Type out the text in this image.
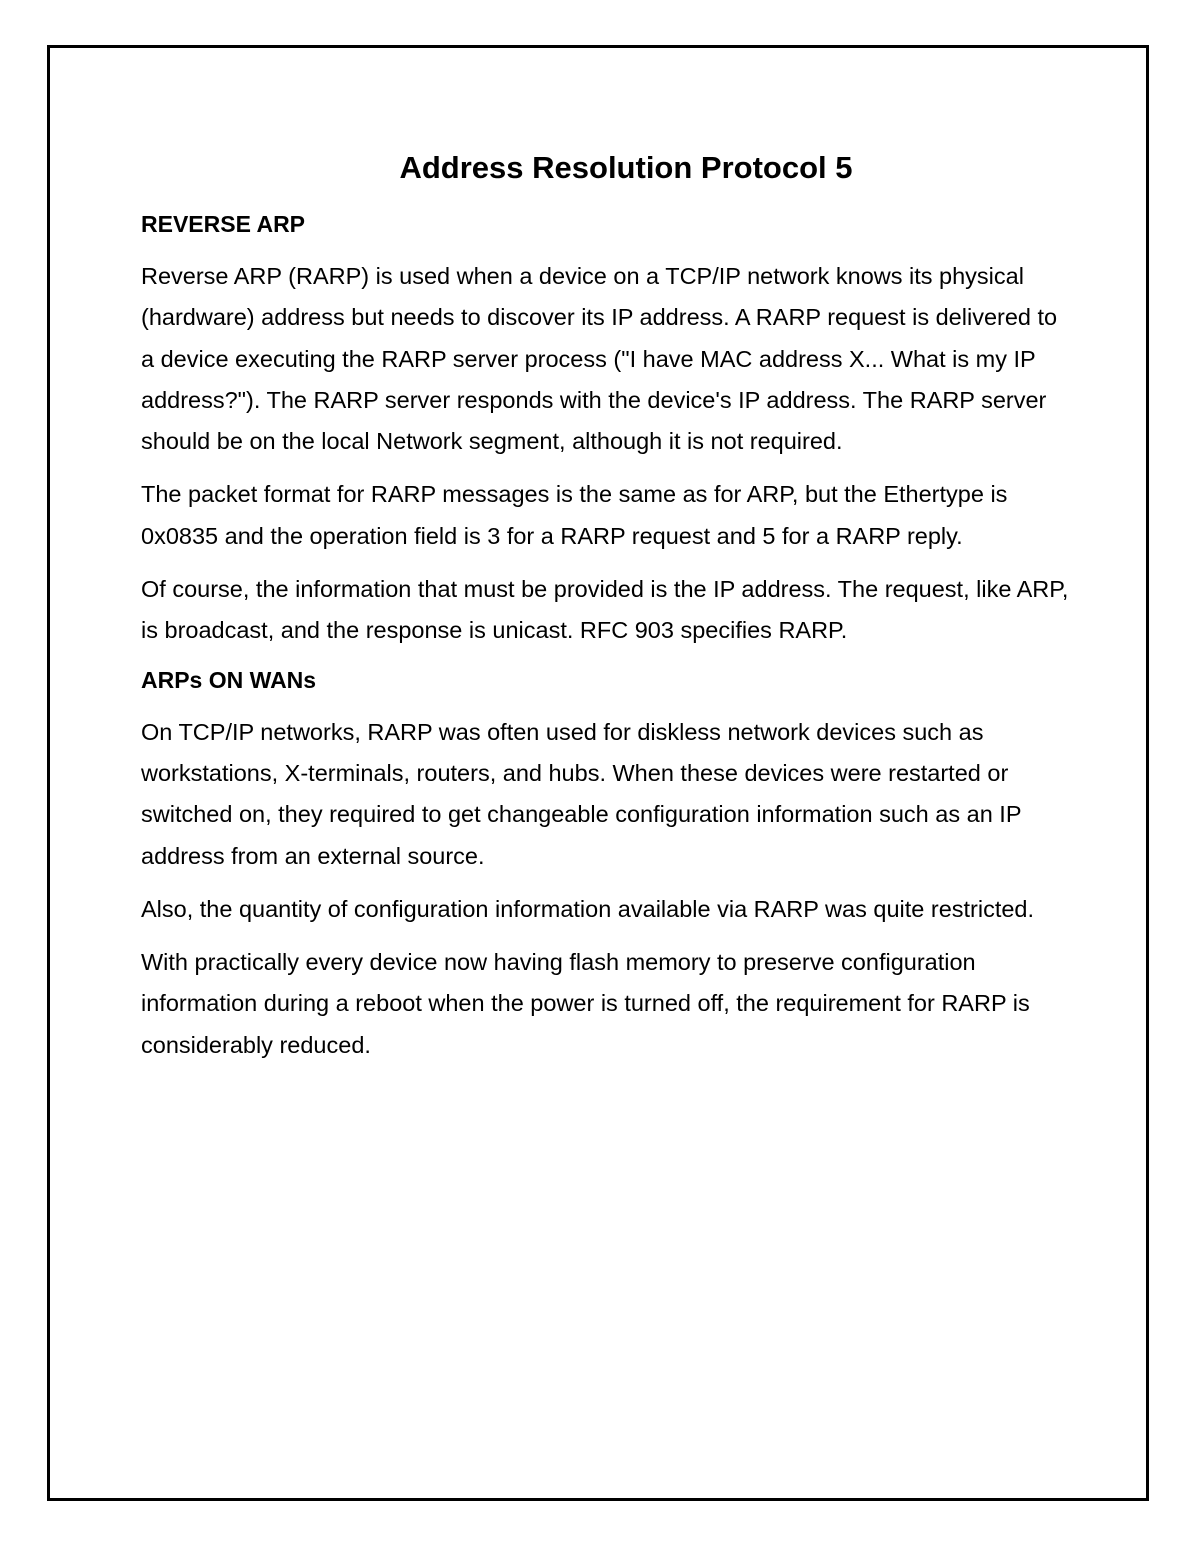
Address Resolution Protocol 5
REVERSE ARP

Reverse ARP (RARP) is used when a device on a TCP/IP network knows its physical (hardware) address but needs to discover its IP address. A RARP request is delivered to a device executing the RARP server process ("I have MAC address X... What is my IP address?"). The RARP server responds with the device's IP address. The RARP server should be on the local Network segment, although it is not required.

The packet format for RARP messages is the same as for ARP, but the Ethertype is 0x0835 and the operation field is 3 for a RARP request and 5 for a RARP reply.

Of course, the information that must be provided is the IP address. The request, like ARP, is broadcast, and the response is unicast. RFC 903 specifies RARP.

ARPs ON WANs

On TCP/IP networks, RARP was often used for diskless network devices such as workstations, X-terminals, routers, and hubs. When these devices were restarted or switched on, they required to get changeable configuration information such as an IP address from an external source.

Also, the quantity of configuration information available via RARP was quite restricted.

With practically every device now having flash memory to preserve configuration information during a reboot when the power is turned off, the requirement for RARP is considerably reduced.
